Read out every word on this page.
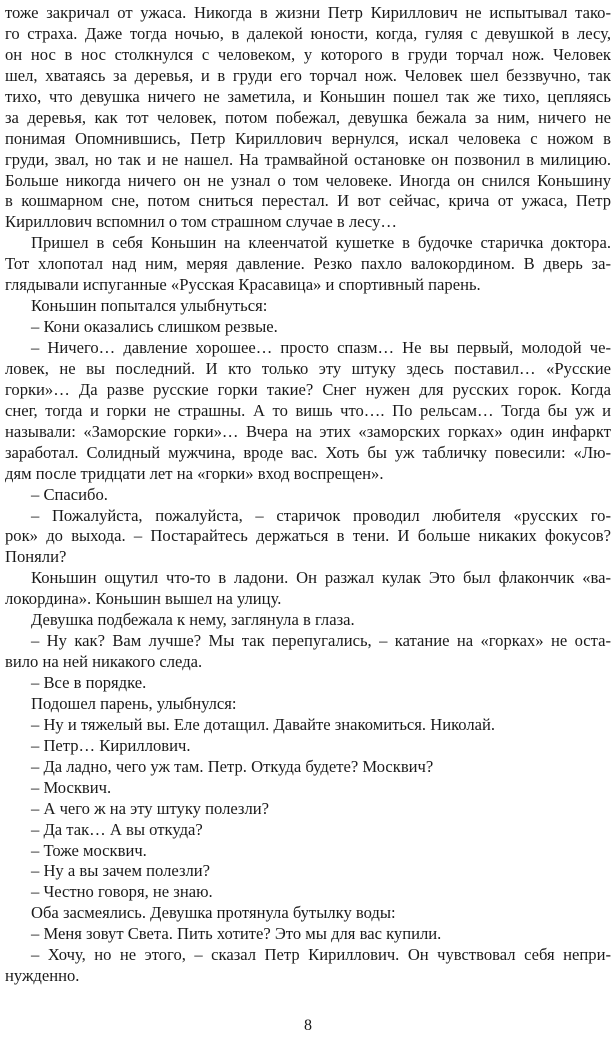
тоже закричал от ужаса. Никогда в жизни Петр Кириллович не испытывал тако-
го страха. Даже тогда ночью, в далекой юности, когда, гуляя с девушкой в лесу,
он нос в нос столкнулся с человеком, у которого в груди торчал нож. Человек
шел, хватаясь за деревья, и в груди его торчал нож. Человек шел беззвучно, так
тихо, что девушка ничего не заметила, и Коньшин пошел так же тихо, цепляясь
за деревья, как тот человек, потом побежал, девушка бежала за ним, ничего не
понимая Опомнившись, Петр Кириллович вернулся, искал человека с ножом в
груди, звал, но так и не нашел. На трамвайной остановке он позвонил в милицию.
Больше никогда ничего он не узнал о том человеке. Иногда он снился Коньшину
в кошмарном сне, потом сниться перестал. И вот сейчас, крича от ужаса, Петр
Кириллович вспомнил о том страшном случае в лесу…
Пришел в себя Коньшин на клеенчатой кушетке в будочке старичка доктора.
Тот хлопотал над ним, меряя давление. Резко пахло валокордином. В дверь за-
глядывали испуганные «Русская Красавица» и спортивный парень.
Коньшин попытался улыбнуться:
– Кони оказались слишком резвые.
– Ничего… давление хорошее… просто спазм… Не вы первый, молодой че-
ловек, не вы последний. И кто только эту штуку здесь поставил… «Русские
горки»… Да разве русские горки такие? Снег нужен для русских горок. Когда
снег, тогда и горки не страшны. А то вишь что…. По рельсам… Тогда бы уж и
называли: «Заморские горки»… Вчера на этих «заморских горках» один инфаркт
заработал. Солидный мужчина, вроде вас. Хоть бы уж табличку повесили: «Лю-
дям после тридцати лет на «горки» вход воспрещен».
– Спасибо.
– Пожалуйста, пожалуйста, – старичок проводил любителя «русских го-
рок» до выхода. – Постарайтесь держаться в тени. И больше никаких фокусов?
Поняли?
Коньшин ощутил что-то в ладони. Он разжал кулак Это был флакончик «ва-
локордина». Коньшин вышел на улицу.
Девушка подбежала к нему, заглянула в глаза.
– Ну как? Вам лучше? Мы так перепугались, – катание на «горках» не оста-
вило на ней никакого следа.
– Все в порядке.
Подошел парень, улыбнулся:
– Ну и тяжелый вы. Еле дотащил. Давайте знакомиться. Николай.
– Петр… Кириллович.
– Да ладно, чего уж там. Петр. Откуда будете? Москвич?
– Москвич.
– А чего ж на эту штуку полезли?
– Да так… А вы откуда?
– Тоже москвич.
– Ну а вы зачем полезли?
– Честно говоря, не знаю.
Оба засмеялись. Девушка протянула бутылку воды:
– Меня зовут Света. Пить хотите? Это мы для вас купили.
– Хочу, но не этого, – сказал Петр Кириллович. Он чувствовал себя непри-
нужденно.
8
